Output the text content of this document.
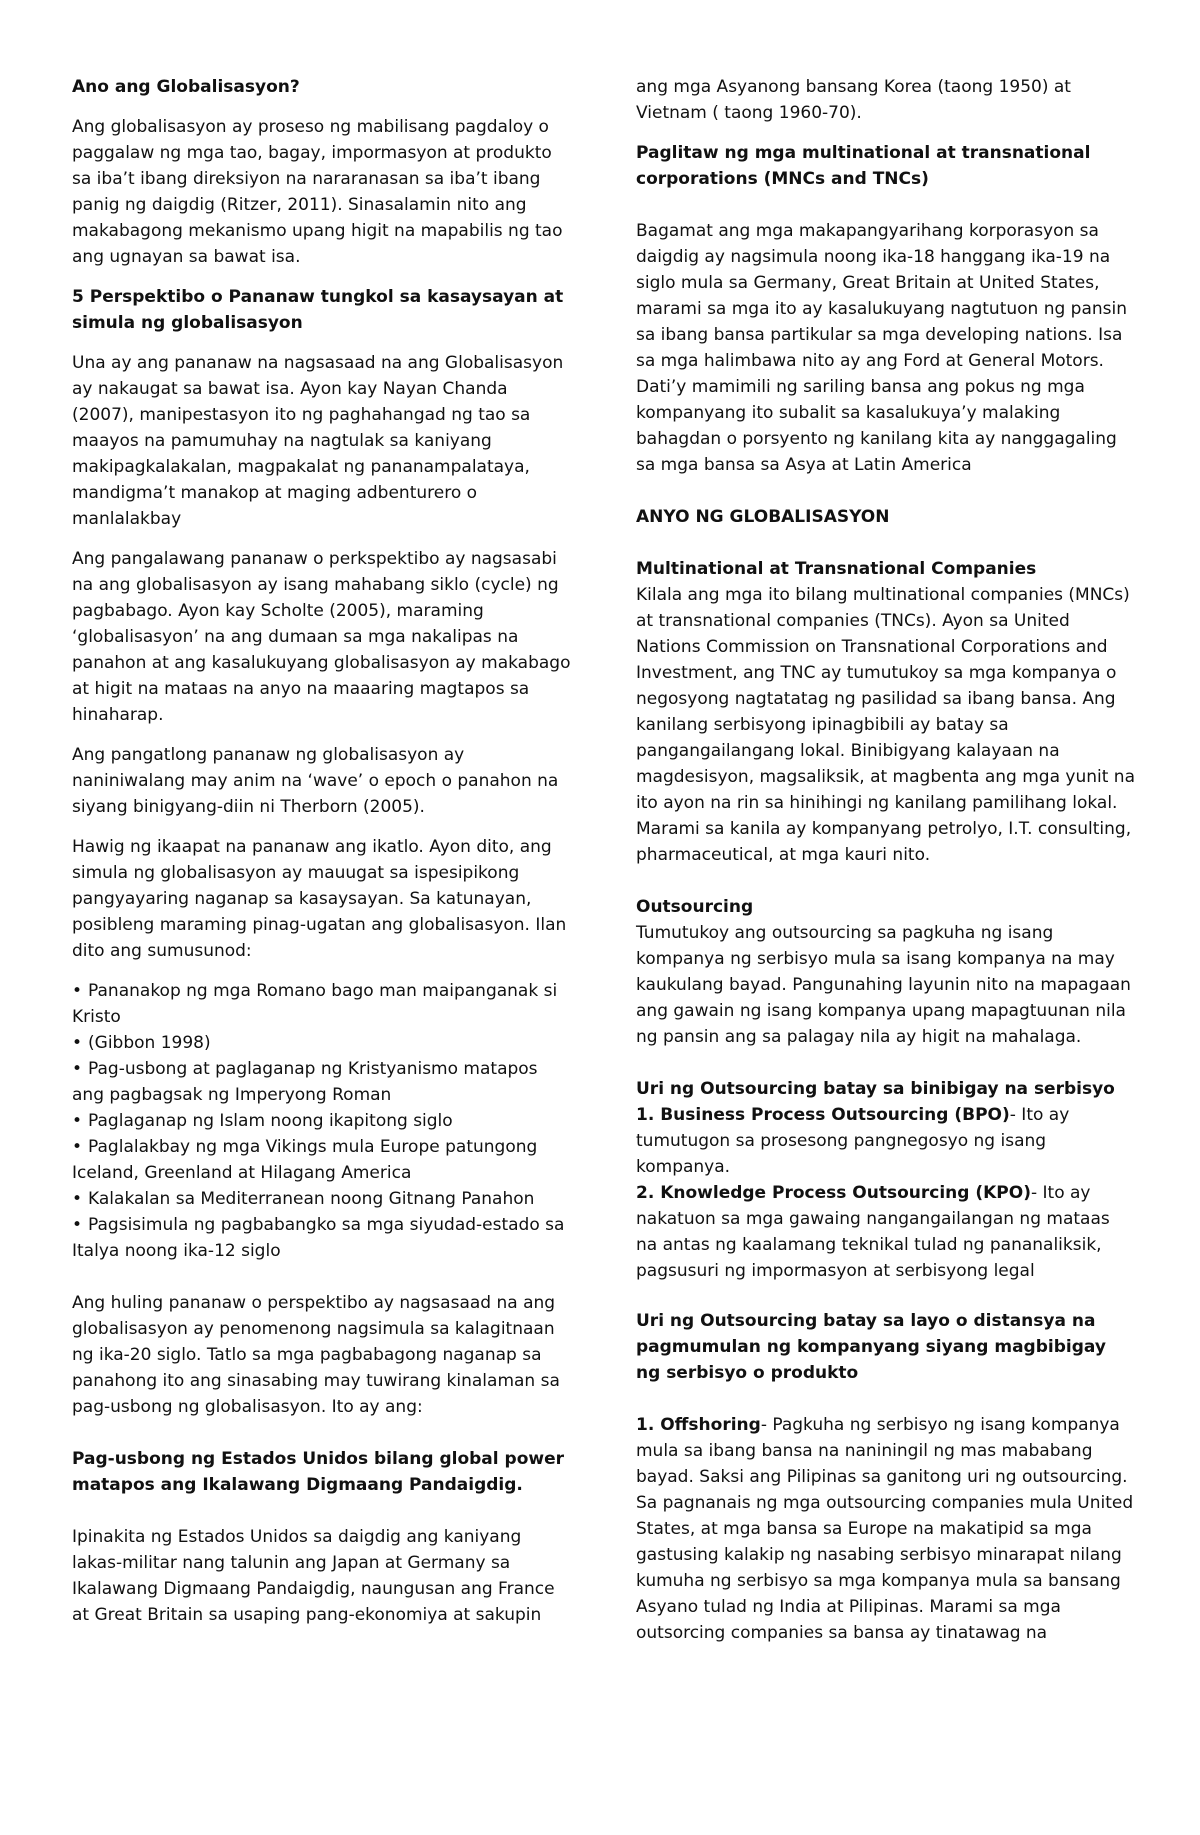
Ano ang Globalisasyon?

Ang globalisasyon ay proseso ng mabilisang pagdaloy o paggalaw ng mga tao, bagay, impormasyon at produkto sa iba’t ibang direksiyon na nararanasan sa iba’t ibang panig ng daigdig (Ritzer, 2011). Sinasalamin nito ang makabagong mekanismo upang higit na mapabilis ng tao ang ugnayan sa bawat isa.

5 Perspektibo o Pananaw tungkol sa kasaysayan at simula ng globalisasyon

Una ay ang pananaw na nagsasaad na ang Globalisasyon ay nakaugat sa bawat isa. Ayon kay Nayan Chanda (2007), manipestasyon ito ng paghahangad ng tao sa maayos na pamumuhay na nagtulak sa kaniyang makipagkalakalan, magpakalat ng pananampalataya, mandigma’t manakop at maging adbenturero o manlalakbay

Ang pangalawang pananaw o perkspektibo ay nagsasabi na ang globalisasyon ay isang mahabang siklo (cycle) ng pagbabago. Ayon kay Scholte (2005), maraming ‘globalisasyon’ na ang dumaan sa mga nakalipas na panahon at ang kasalukuyang globalisasyon ay makabago at higit na mataas na anyo na maaaring magtapos sa hinaharap.

Ang pangatlong pananaw ng globalisasyon ay naniniwalang may anim na ‘wave’ o epoch o panahon na siyang binigyang-diin ni Therborn (2005).

Hawig ng ikaapat na pananaw ang ikatlo. Ayon dito, ang simula ng globalisasyon ay mauugat sa ispesipikong pangyayaring naganap sa kasaysayan. Sa katunayan, posibleng maraming pinag-ugatan ang globalisasyon. Ilan dito ang sumusunod:

• Pananakop ng mga Romano bago man maipanganak si Kristo
• (Gibbon 1998)
• Pag-usbong at paglaganap ng Kristyanismo matapos ang pagbagsak ng Imperyong Roman
• Paglaganap ng Islam noong ikapitong siglo
• Paglalakbay ng mga Vikings mula Europe patungong Iceland, Greenland at Hilagang America
• Kalakalan sa Mediterranean noong Gitnang Panahon
• Pagsisimula ng pagbabangko sa mga siyudad-estado sa Italya noong ika-12 siglo

Ang huling pananaw o perspektibo ay nagsasaad na ang globalisasyon ay penomenong nagsimula sa kalagitnaan ng ika-20 siglo. Tatlo sa mga pagbabagong naganap sa panahong ito ang sinasabing may tuwirang kinalaman sa pag-usbong ng globalisasyon. Ito ay ang:

Pag-usbong ng Estados Unidos bilang global power matapos ang Ikalawang Digmaang Pandaigdig.

Ipinakita ng Estados Unidos sa daigdig ang kaniyang lakas-militar nang talunin ang Japan at Germany sa Ikalawang Digmaang Pandaigdig, naungusan ang France at Great Britain sa usaping pang-ekonomiya at sakupin

ang mga Asyanong bansang Korea (taong 1950) at Vietnam ( taong 1960-70).

Paglitaw ng mga multinational at transnational corporations (MNCs and TNCs)

Bagamat ang mga makapangyarihang korporasyon sa daigdig ay nagsimula noong ika-18 hanggang ika-19 na siglo mula sa Germany, Great Britain at United States, marami sa mga ito ay kasalukuyang nagtutuon ng pansin sa ibang bansa partikular sa mga developing nations. Isa sa mga halimbawa nito ay ang Ford at General Motors. Dati’y mamimili ng sariling bansa ang pokus ng mga kompanyang ito subalit sa kasalukuya’y malaking bahagdan o porsyento ng kanilang kita ay nanggagaling sa mga bansa sa Asya at Latin America

ANYO NG GLOBALISASYON

Multinational at Transnational Companies

Kilala ang mga ito bilang multinational companies (MNCs) at transnational companies (TNCs). Ayon sa United Nations Commission on Transnational Corporations and Investment, ang TNC ay tumutukoy sa mga kompanya o negosyong nagtatatag ng pasilidad sa ibang bansa. Ang kanilang serbisyong ipinagbibili ay batay sa pangangailangang lokal. Binibigyang kalayaan na magdesisyon, magsaliksik, at magbenta ang mga yunit na ito ayon na rin sa hinihingi ng kanilang pamilihang lokal. Marami sa kanila ay kompanyang petrolyo, I.T. consulting, pharmaceutical, at mga kauri nito.

Outsourcing

Tumutukoy ang outsourcing sa pagkuha ng isang kompanya ng serbisyo mula sa isang kompanya na may kaukulang bayad. Pangunahing layunin nito na mapagaan ang gawain ng isang kompanya upang mapagtuunan nila ng pansin ang sa palagay nila ay higit na mahalaga.

Uri ng Outsourcing batay sa binibigay na serbisyo

1. Business Process Outsourcing (BPO)- Ito ay tumutugon sa prosesong pangnegosyo ng isang kompanya.

2. Knowledge Process Outsourcing (KPO)- Ito ay nakatuon sa mga gawaing nangangailangan ng mataas na antas ng kaalamang teknikal tulad ng pananaliksik, pagsusuri ng impormasyon at serbisyong legal

Uri ng Outsourcing batay sa layo o distansya na pagmumulan ng kompanyang siyang magbibigay ng serbisyo o produkto

1. Offshoring- Pagkuha ng serbisyo ng isang kompanya mula sa ibang bansa na naniningil ng mas mababang bayad. Saksi ang Pilipinas sa ganitong uri ng outsourcing. Sa pagnanais ng mga outsourcing companies mula United States, at mga bansa sa Europe na makatipid sa mga gastusing kalakip ng nasabing serbisyo minarapat nilang kumuha ng serbisyo sa mga kompanya mula sa bansang Asyano tulad ng India at Pilipinas. Marami sa mga outsorcing companies sa bansa ay tinatawag na
